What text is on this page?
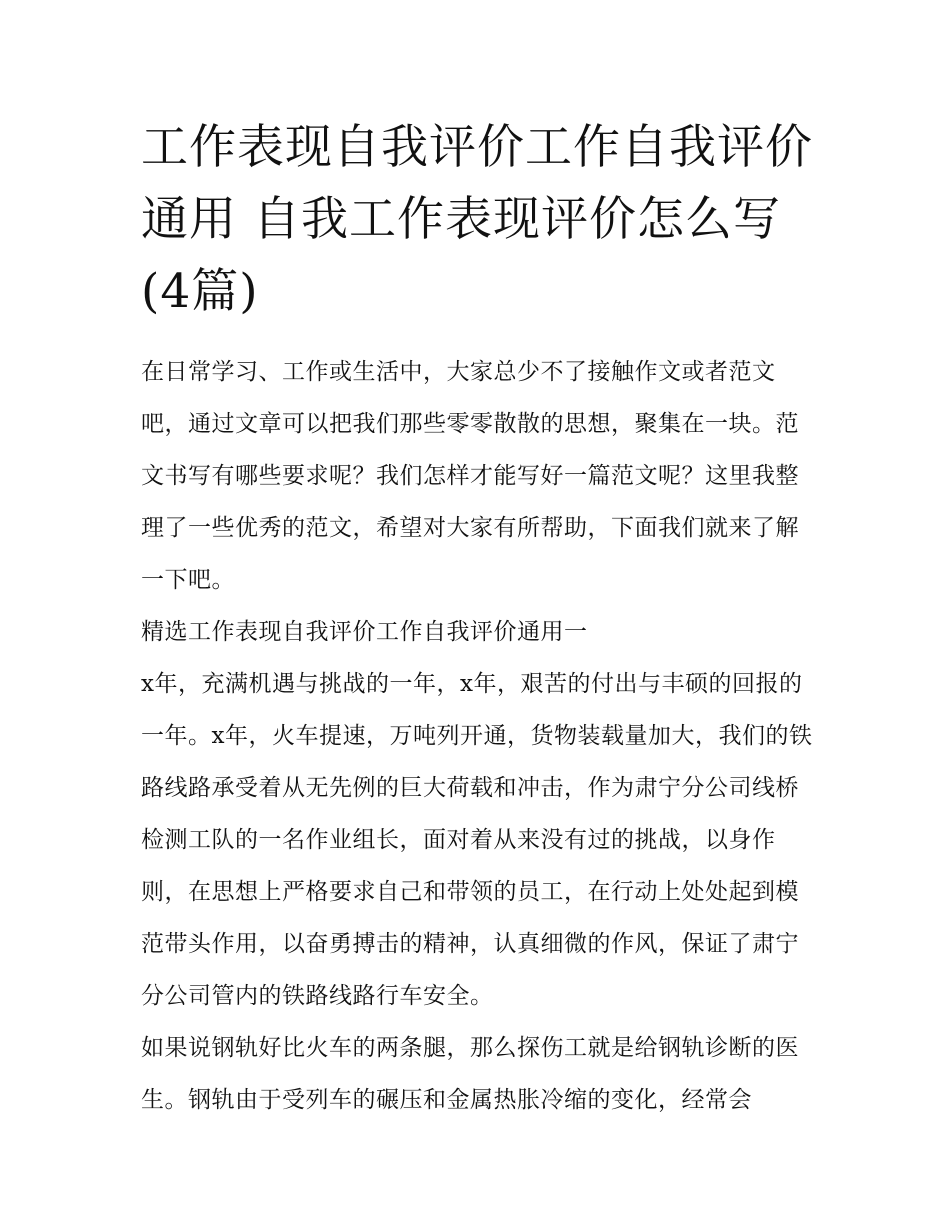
工作表现自我评价工作自我评价通用 自我工作表现评价怎么写(4篇)

在日常学习、工作或生活中，大家总少不了接触作文或者范文吧，通过文章可以把我们那些零零散散的思想，聚集在一块。范文书写有哪些要求呢？我们怎样才能写好一篇范文呢？这里我整理了一些优秀的范文，希望对大家有所帮助，下面我们就来了解一下吧。

精选工作表现自我评价工作自我评价通用一

x年，充满机遇与挑战的一年，x年，艰苦的付出与丰硕的回报的一年。x年，火车提速，万吨列开通，货物装载量加大，我们的铁路线路承受着从无先例的巨大荷载和冲击，作为肃宁分公司线桥检测工队的一名作业组长，面对着从来没有过的挑战，以身作则，在思想上严格要求自己和带领的员工，在行动上处处起到模范带头作用，以奋勇搏击的精神，认真细微的作风，保证了肃宁分公司管内的铁路线路行车安全。

如果说钢轨好比火车的两条腿，那么探伤工就是给钢轨诊断的医生。钢轨由于受列车的碾压和金属热胀冷缩的变化，经常会
